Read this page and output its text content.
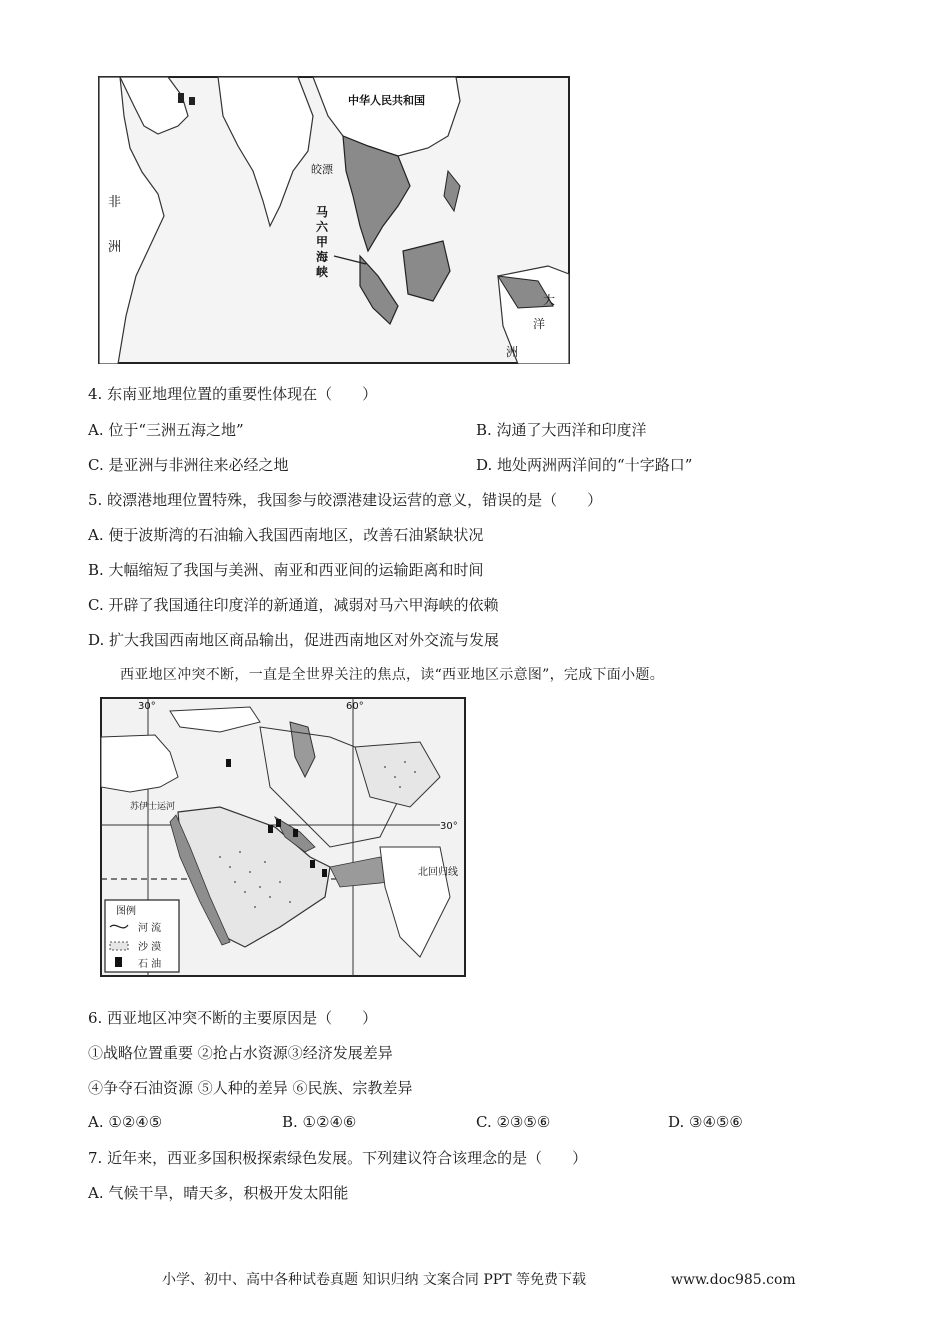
中华人民共和国
皎漂
非
洲
马
六
甲
海
峡
大
洋
洲
4. 东南亚地理位置的重要性体现在（　　）
A. 位于“三洲五海之地”	B. 沟通了大西洋和印度洋
C. 是亚洲与非洲往来必经之地	D. 地处两洲两洋间的“十字路口”
5. 皎漂港地理位置特殊，我国参与皎漂港建设运营的意义，错误的是（　　）
A. 便于波斯湾的石油输入我国西南地区，改善石油紧缺状况
B. 大幅缩短了我国与美洲、南亚和西亚间的运输距离和时间
C. 开辟了我国通往印度洋的新通道，减弱对马六甲海峡的依赖
D. 扩大我国西南地区商品输出，促进西南地区对外交流与发展
西亚地区冲突不断，一直是全世界关注的焦点，读“西亚地区示意图”，完成下面小题。
30°	60°
30°
北回归线
苏伊士运河
图例
河 流
沙 漠
石 油
6. 西亚地区冲突不断的主要原因是（　　）
①战略位置重要 ②抢占水资源③经济发展差异
④争夺石油资源 ⑤人种的差异 ⑥民族、宗教差异
A. ①②④⑤	B. ①②④⑥	C. ②③⑤⑥	D. ③④⑤⑥
7. 近年来，西亚多国积极探索绿色发展。下列建议符合该理念的是（　　）
A. 气候干旱，晴天多，积极开发太阳能
小学、初中、高中各种试卷真题 知识归纳 文案合同 PPT 等免费下载	www.doc985.com
